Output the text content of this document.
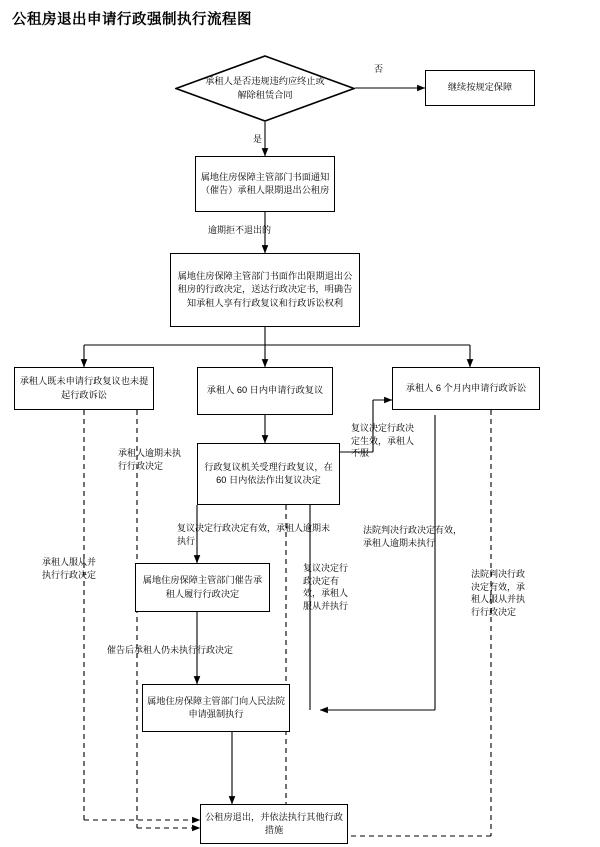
公租房退出申请行政强制执行流程图
承租人是否违规违约应终止或解除租赁合同
继续按规定保障
属地住房保障主管部门书面通知（催告）承租人限期退出公租房
属地住房保障主管部门书面作出限期退出公租房的行政决定，送达行政决定书，明确告知承租人享有行政复议和行政诉讼权利
承租人既未申请行政复议也未提起行政诉讼	承租人 60 日内申请行政复议	承租人 6 个月内申请行政诉讼
行政复议机关受理行政复议，在 60 日内依法作出复议决定
属地住房保障主管部门催告承租人履行行政决定
属地住房保障主管部门向人民法院申请强制执行
公租房退出，并依法执行其他行政措施
否
是
逾期拒不退出的
承租人逾期未执行行政决定
复议决定行政决定有效，承租人逾期未执行
复议决定行政决定生效，承租人不服
法院判决行政决定有效，承租人逾期未执行
承租人服从并执行行政决定
复议决定行政决定有效，承租人服从并执行
法院判决行政决定有效，承租人服从并执行行政决定
催告后承租人仍未执行行政决定
